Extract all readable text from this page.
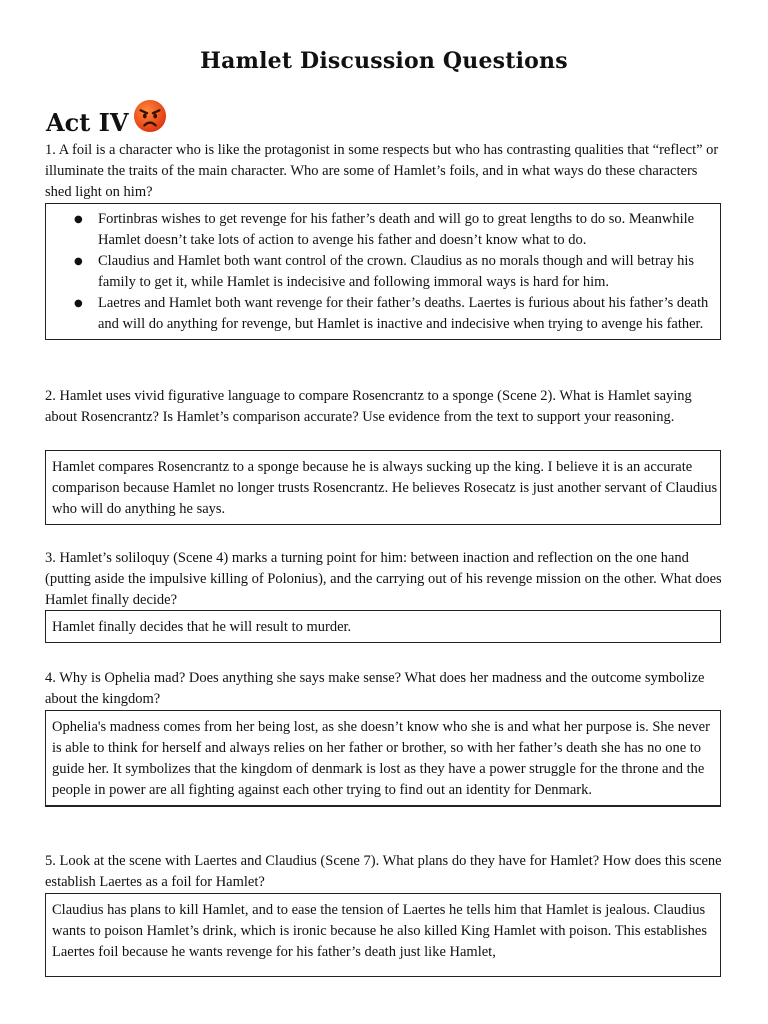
Hamlet Discussion Questions
Act IV
1. A foil is a character who is like the protagonist in some respects but who has contrasting qualities that “reflect” or illuminate the traits of the main character. Who are some of Hamlet’s foils, and in what ways do these characters shed light on him?
● Fortinbras wishes to get revenge for his father’s death and will go to great lengths to do so. Meanwhile Hamlet doesn’t take lots of action to avenge his father and doesn’t know what to do.
● Claudius and Hamlet both want control of the crown. Claudius as no morals though and will betray his family to get it, while Hamlet is indecisive and following immoral ways is hard for him.
● Laetres and Hamlet both want revenge for their father’s deaths. Laertes is furious about his father’s death and will do anything for revenge, but Hamlet is inactive and indecisive when trying to avenge his father.
2. Hamlet uses vivid figurative language to compare Rosencrantz to a sponge (Scene 2). What is Hamlet saying about Rosencrantz? Is Hamlet’s comparison accurate? Use evidence from the text to support your reasoning.
Hamlet compares Rosencrantz to a sponge because he is always sucking up the king. I believe it is an accurate comparison because Hamlet no longer trusts Rosencrantz. He believes Rosecatz is just another servant of Claudius who will do anything he says.
3. Hamlet’s soliloquy (Scene 4) marks a turning point for him: between inaction and reflection on the one hand (putting aside the impulsive killing of Polonius), and the carrying out of his revenge mission on the other. What does Hamlet finally decide?
Hamlet finally decides that he will result to murder.
4. Why is Ophelia mad? Does anything she says make sense? What does her madness and the outcome symbolize about the kingdom?
Ophelia's madness comes from her being lost, as she doesn’t know who she is and what her purpose is. She never is able to think for herself and always relies on her father or brother, so with her father’s death she has no one to guide her. It symbolizes that the kingdom of denmark is lost as they have a power struggle for the throne and the people in power are all fighting against each other trying to find out an identity for Denmark.
5. Look at the scene with Laertes and Claudius (Scene 7). What plans do they have for Hamlet? How does this scene establish Laertes as a foil for Hamlet?
Claudius has plans to kill Hamlet, and to ease the tension of Laertes he tells him that Hamlet is jealous. Claudius wants to poison Hamlet’s drink, which is ironic because he also killed King Hamlet with poison. This establishes Laertes foil because he wants revenge for his father’s death just like Hamlet,
